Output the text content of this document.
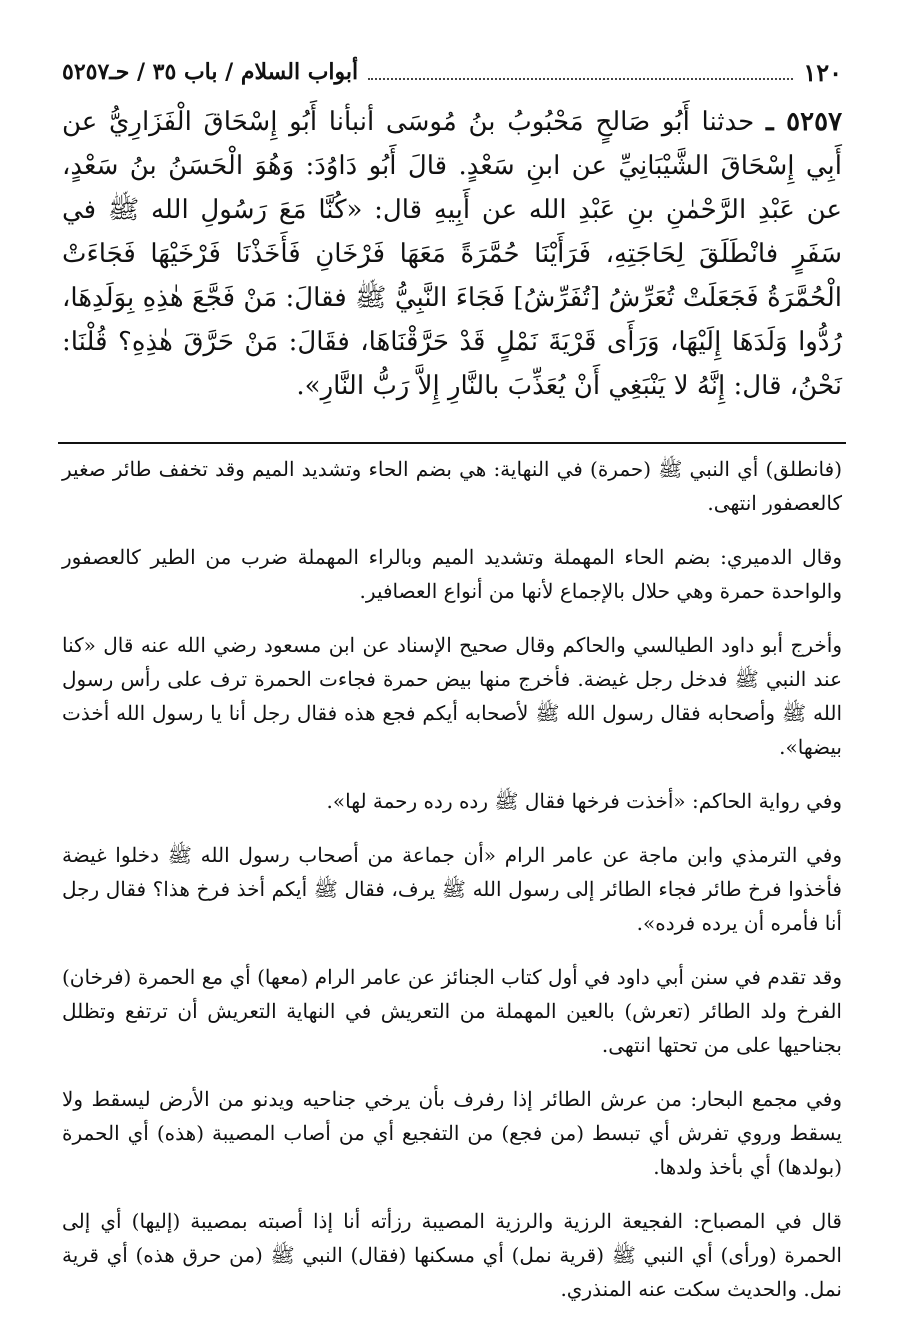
١٢٠
أبواب السلام / باب ٣٥ / حـ٥٢٥٧
٥٢٥٧ ـ حدثنا أَبُو صَالحٍ مَحْبُوبُ بنُ مُوسَى أنبأنا أَبُو إِسْحَاقَ الْفَزَارِيُّ عن أَبِي إِسْحَاقَ الشَّيْبَانِيِّ عن ابنِ سَعْدٍ. قالَ أَبُو دَاوُدَ: وَهُوَ الْحَسَنُ بنُ سَعْدٍ، عن عَبْدِ الرَّحْمٰنِ بنِ عَبْدِ الله عن أَبِيهِ قال: «كُنَّا مَعَ رَسُولِ الله ﷺ في سَفَرٍ فانْطَلَقَ لِحَاجَتِهِ، فَرَأَيْنَا حُمَّرَةً مَعَهَا فَرْخَانِ فَأَخَذْنَا فَرْخَيْهَا فَجَاءَتْ الْحُمَّرَةُ فَجَعَلَتْ تُعَرِّشُ [تُفَرِّشُ] فَجَاءَ النَّبِيُّ ﷺ فقالَ: مَنْ فَجَّعَ هٰذِهِ بِوَلَدِهَا، رُدُّوا وَلَدَهَا إِلَيْهَا، وَرَأَى قَرْيَةَ نَمْلٍ قَدْ حَرَّقْنَاهَا، فقَالَ: مَنْ حَرَّقَ هٰذِهِ؟ قُلْنَا: نَحْنُ، قال: إِنَّهُ لا يَنْبَغِي أَنْ يُعَذِّبَ بالنَّارِ إِلاَّ رَبُّ النَّارِ».

(فانطلق) أي النبي ﷺ (حمرة) في النهاية: هي بضم الحاء وتشديد الميم وقد تخفف طائر صغير كالعصفور انتهى.

وقال الدميري: بضم الحاء المهملة وتشديد الميم وبالراء المهملة ضرب من الطير كالعصفور والواحدة حمرة وهي حلال بالإجماع لأنها من أنواع العصافير.

وأخرج أبو داود الطيالسي والحاكم وقال صحيح الإسناد عن ابن مسعود رضي الله عنه قال «كنا عند النبي ﷺ فدخل رجل غيضة. فأخرج منها بيض حمرة فجاءت الحمرة ترف على رأس رسول الله ﷺ وأصحابه فقال رسول الله ﷺ لأصحابه أيكم فجع هذه فقال رجل أنا يا رسول الله أخذت بيضها».

وفي رواية الحاكم: «أخذت فرخها فقال ﷺ رده رده رحمة لها».

وفي الترمذي وابن ماجة عن عامر الرام «أن جماعة من أصحاب رسول الله ﷺ دخلوا غيضة فأخذوا فرخ طائر فجاء الطائر إلى رسول الله ﷺ يرف، فقال ﷺ أيكم أخذ فرخ هذا؟ فقال رجل أنا فأمره أن يرده فرده».

وقد تقدم في سنن أبي داود في أول كتاب الجنائز عن عامر الرام (معها) أي مع الحمرة (فرخان) الفرخ ولد الطائر (تعرش) بالعين المهملة من التعريش في النهاية التعريش أن ترتفع وتظلل بجناحيها على من تحتها انتهى.

وفي مجمع البحار: من عرش الطائر إذا رفرف بأن يرخي جناحيه ويدنو من الأرض ليسقط ولا يسقط وروي تفرش أي تبسط (من فجع) من التفجيع أي من أصاب المصيبة (هذه) أي الحمرة (بولدها) أي بأخذ ولدها.

قال في المصباح: الفجيعة الرزية والرزية المصيبة رزأته أنا إذا أصبته بمصيبة (إليها) أي إلى الحمرة (ورأى) أي النبي ﷺ (قرية نمل) أي مسكنها (فقال) النبي ﷺ (من حرق هذه) أي قرية نمل. والحديث سكت عنه المنذري.
